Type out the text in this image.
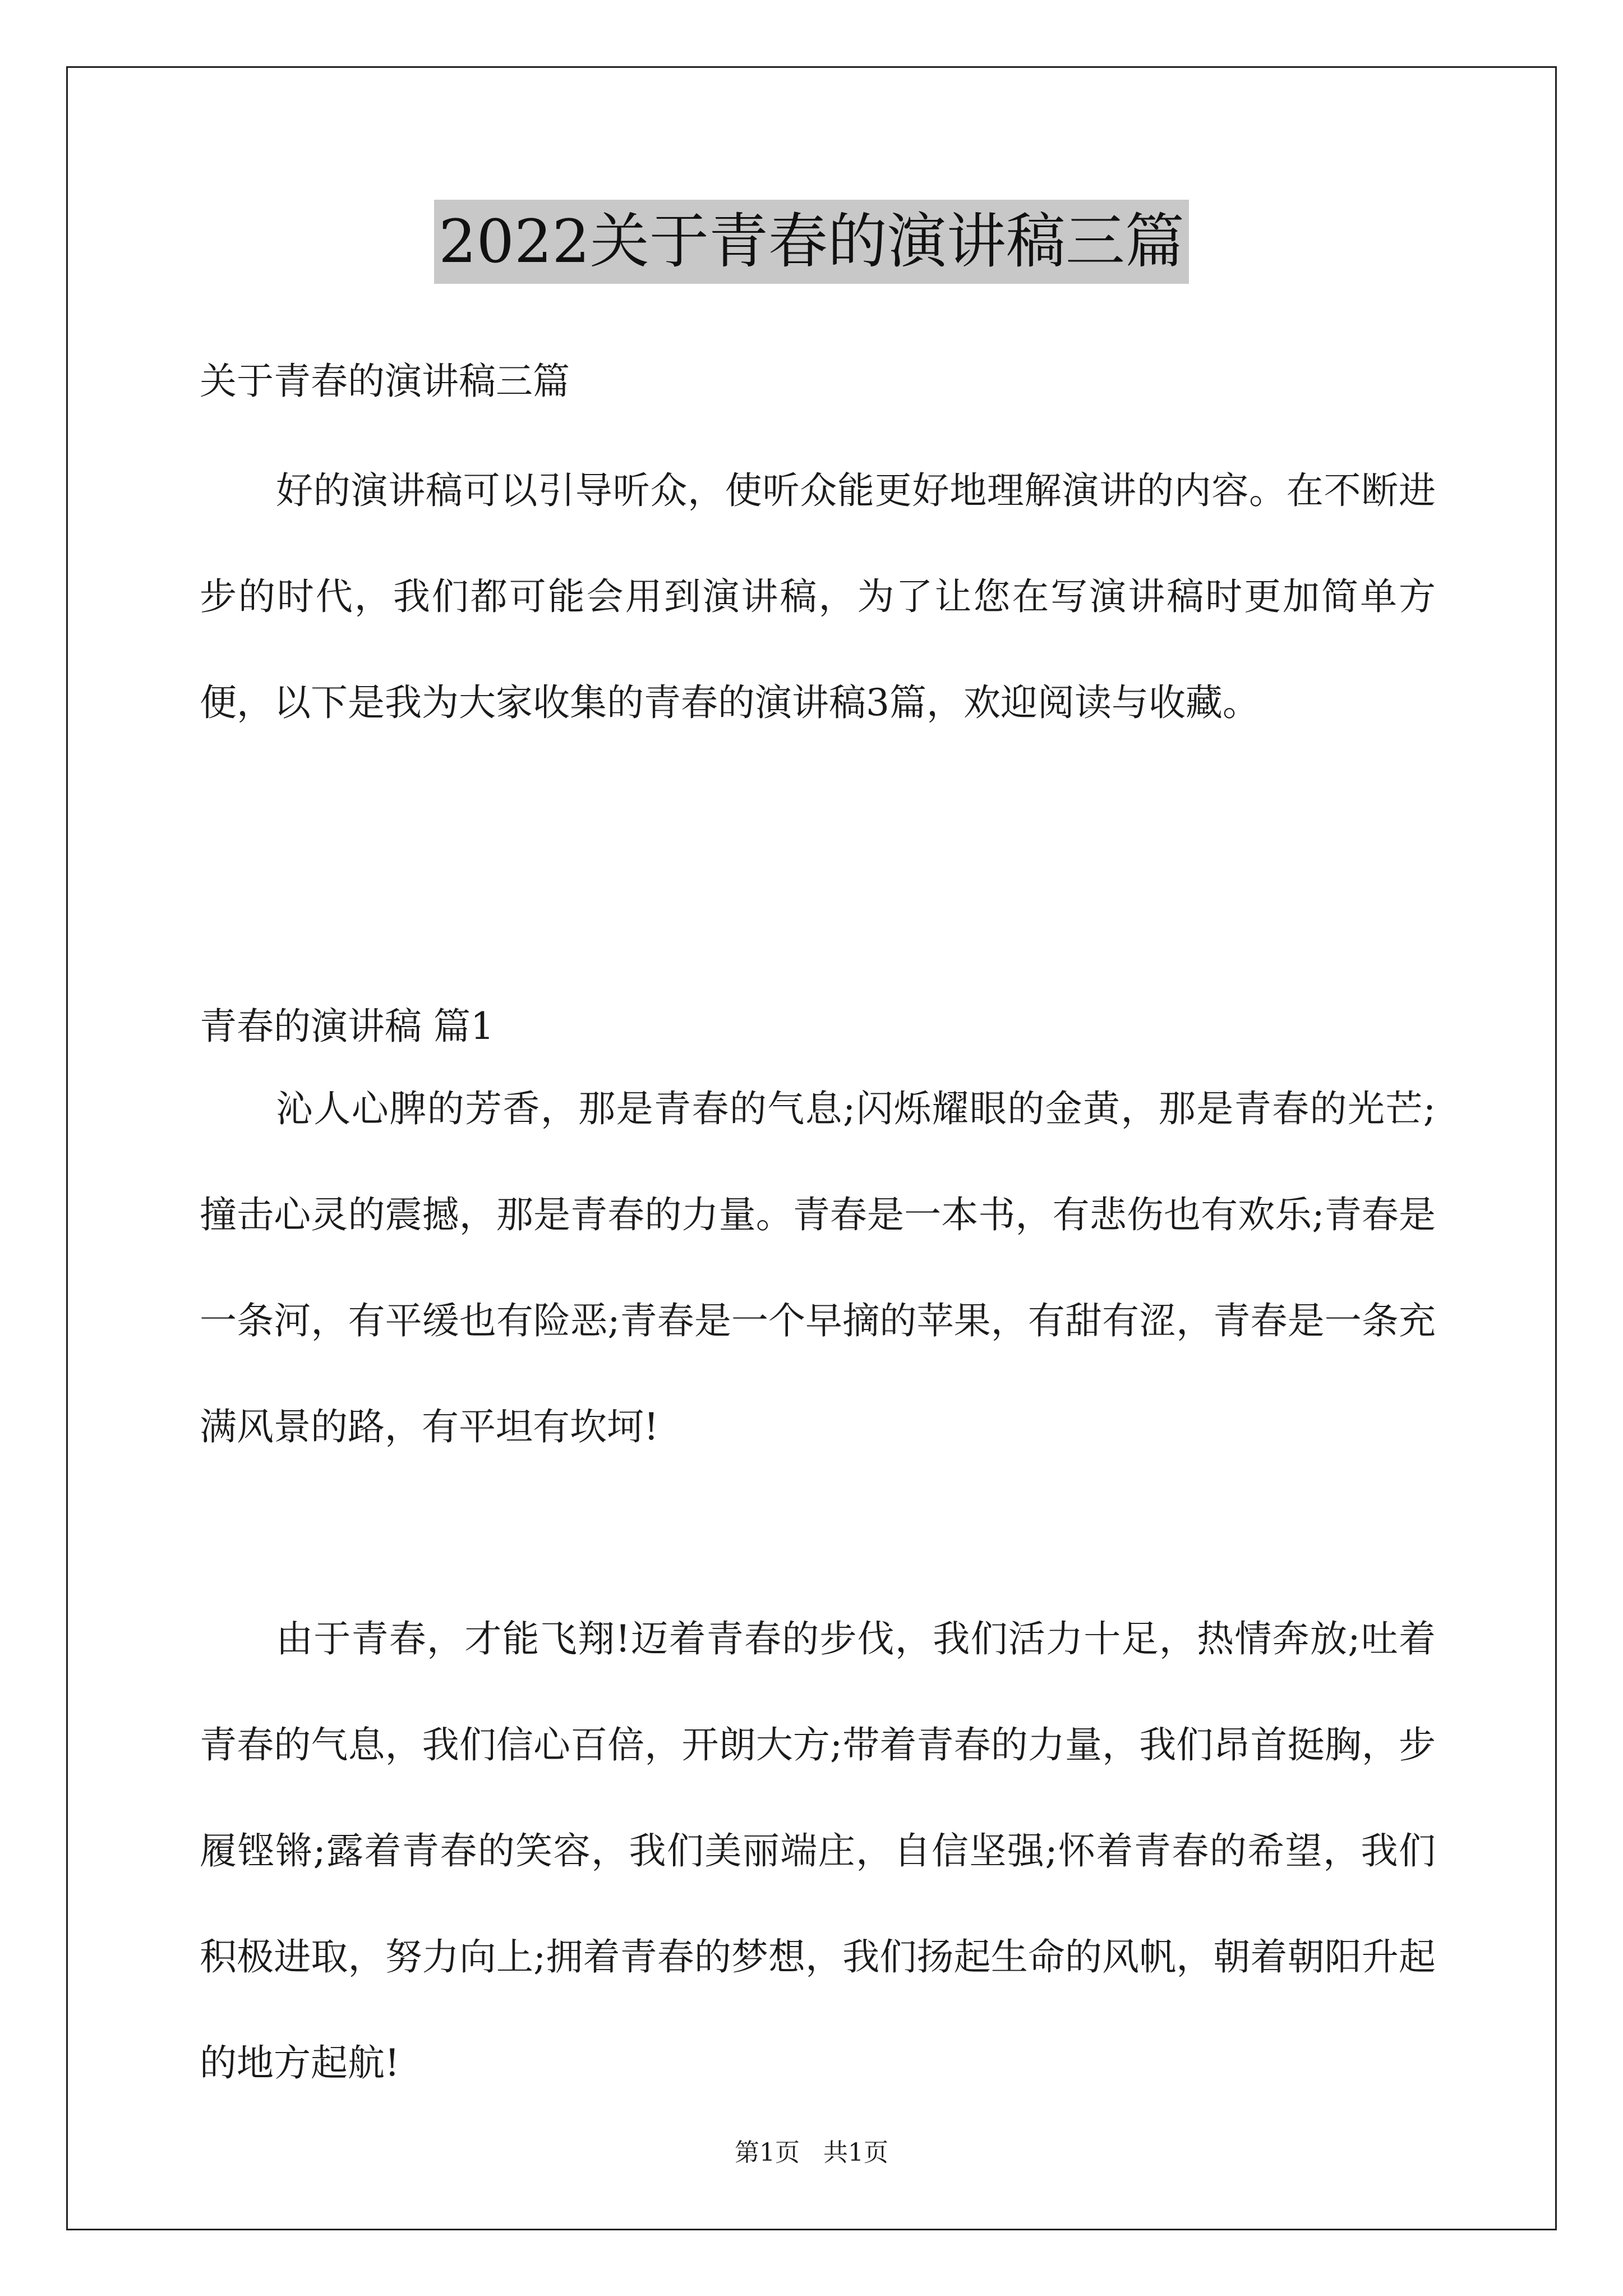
2022关于青春的演讲稿三篇
关于青春的演讲稿三篇

好的演讲稿可以引导听众，使听众能更好地理解演讲的内容。在不断进步的时代，我们都可能会用到演讲稿，为了让您在写演讲稿时更加简单方便，以下是我为大家收集的青春的演讲稿3篇，欢迎阅读与收藏。

青春的演讲稿 篇1

沁人心脾的芳香，那是青春的气息;闪烁耀眼的金黄，那是青春的光芒;撞击心灵的震撼，那是青春的力量。青春是一本书，有悲伤也有欢乐;青春是一条河，有平缓也有险恶;青春是一个早摘的苹果，有甜有涩，青春是一条充满风景的路，有平坦有坎坷!

由于青春，才能飞翔!迈着青春的步伐，我们活力十足，热情奔放;吐着青春的气息，我们信心百倍，开朗大方;带着青春的力量，我们昂首挺胸，步履铿锵;露着青春的笑容，我们美丽端庄，自信坚强;怀着青春的希望，我们积极进取，努力向上;拥着青春的梦想，我们扬起生命的风帆，朝着朝阳升起的地方起航!

第1页   共1页
